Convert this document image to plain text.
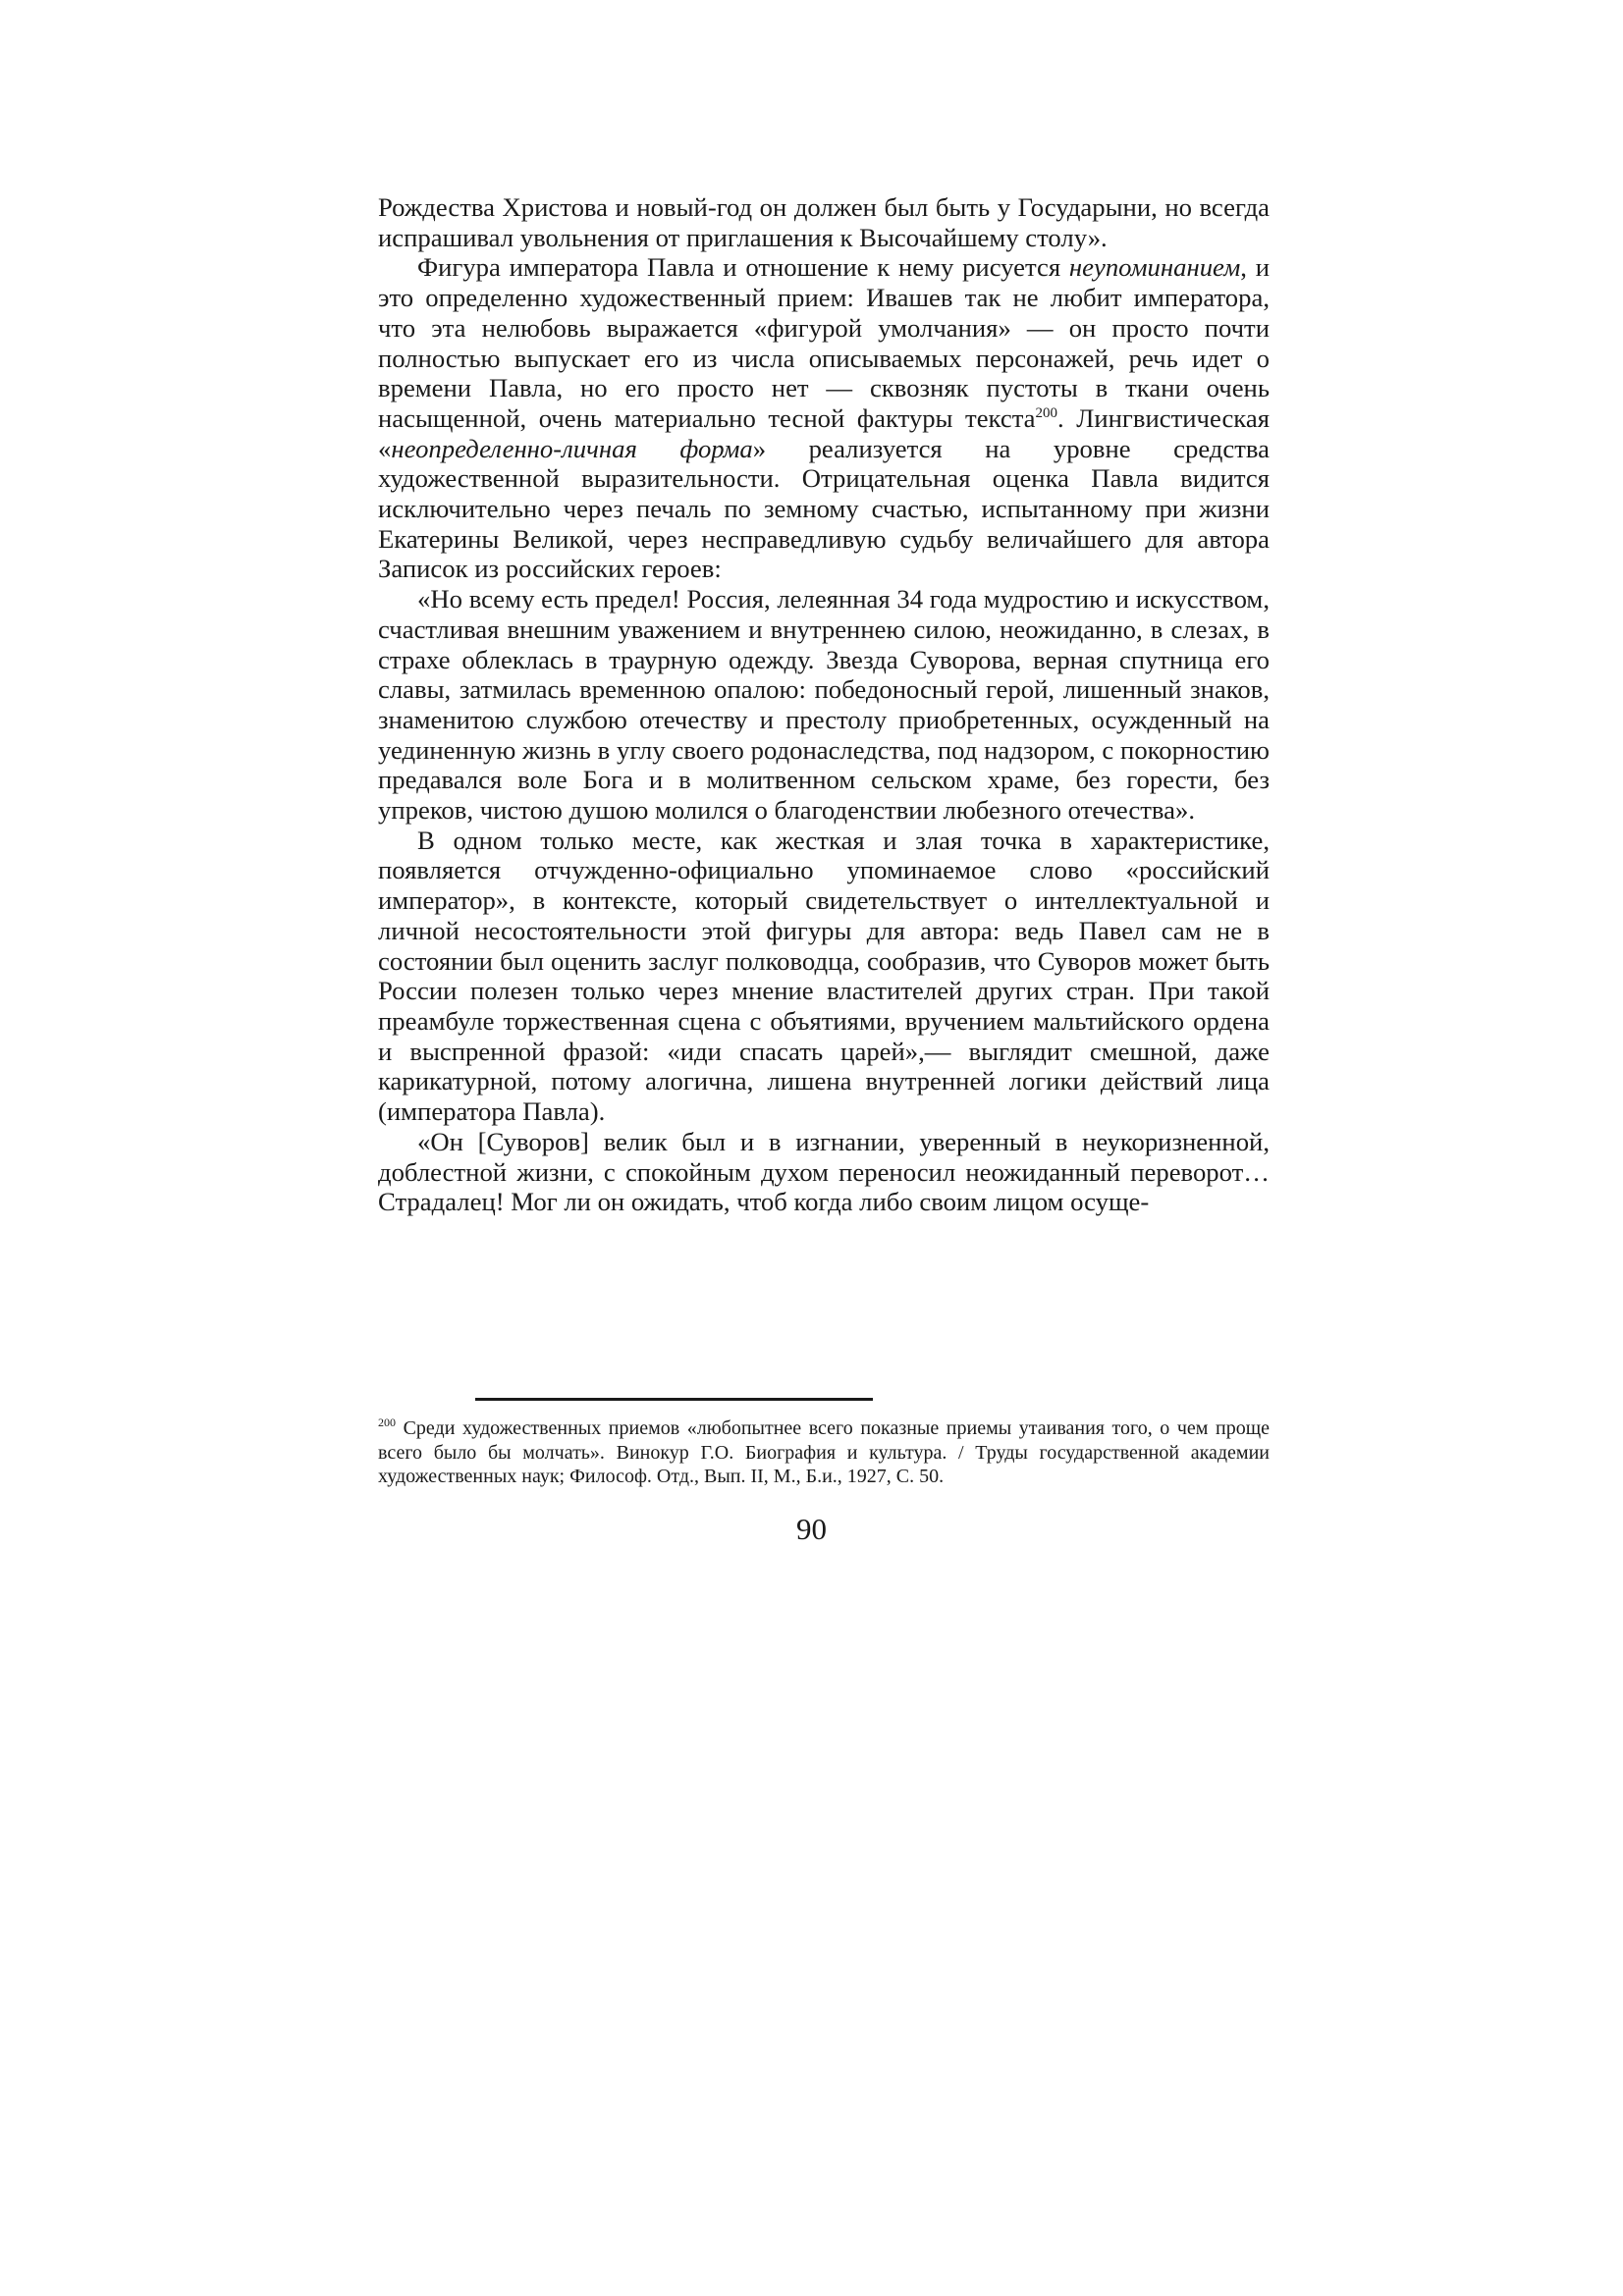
Рождества Христова и новый-год он должен был быть у Государыни, но всегда испрашивал увольнения от приглашения к Высочайшему столу».

Фигура императора Павла и отношение к нему рисуется неупоминанием, и это определенно художественный прием: Ивашев так не любит императора, что эта нелюбовь выражается «фигурой умолчания» — он просто почти полностью выпускает его из числа описываемых персонажей, речь идет о времени Павла, но его просто нет — сквозняк пустоты в ткани очень насыщенной, очень материально тесной фактуры текста$^{200}$. Лингвистическая «неопределенно-личная форма» реализуется на уровне средства художественной выразительности. Отрицательная оценка Павла видится исключительно через печаль по земному счастью, испытанному при жизни Екатерины Великой, через несправедливую судьбу величайшего для автора Записок из российских героев:

«Но всему есть предел! Россия, лелеянная 34 года мудростию и искусством, счастливая внешним уважением и внутреннею силою, неожиданно, в слезах, в страхе облеклась в траурную одежду. Звезда Суворова, верная спутница его славы, затмилась временною опалою: победоносный герой, лишенный знаков, знаменитою службою отечеству и престолу приобретенных, осужденный на уединенную жизнь в углу своего родонаследства, под надзором, с покорностию предавался воле Бога и в молитвенном сельском храме, без горести, без упреков, чистою душою молился о благоденствии любезного отечества».

В одном только месте, как жесткая и злая точка в характеристике, появляется отчужденно-официально упоминаемое слово «российский император», в контексте, который свидетельствует о интеллектуальной и личной несостоятельности этой фигуры для автора: ведь Павел сам не в состоянии был оценить заслуг полководца, сообразив, что Суворов может быть России полезен только через мнение властителей других стран. При такой преамбуле торжественная сцена с объятиями, вручением мальтийского ордена и выспренной фразой: «иди спасать царей»,— выглядит смешной, даже карикатурной, потому алогична, лишена внутренней логики действий лица (императора Павла).

«Он [Суворов] велик был и в изгнании, уверенный в неукоризненной, доблестной жизни, с спокойным духом переносил неожиданный переворот… Страдалец! Мог ли он ожидать, чтоб когда либо своим лицом осуще-

$^{200}$ Среди художественных приемов «любопытнее всего показные приемы утаивания того, о чем проще всего было бы молчать». Винокур Г.О. Биография и культура. / Труды государственной академии художественных наук; Философ. Отд., Вып. II, М., Б.и., 1927, С. 50.
90
